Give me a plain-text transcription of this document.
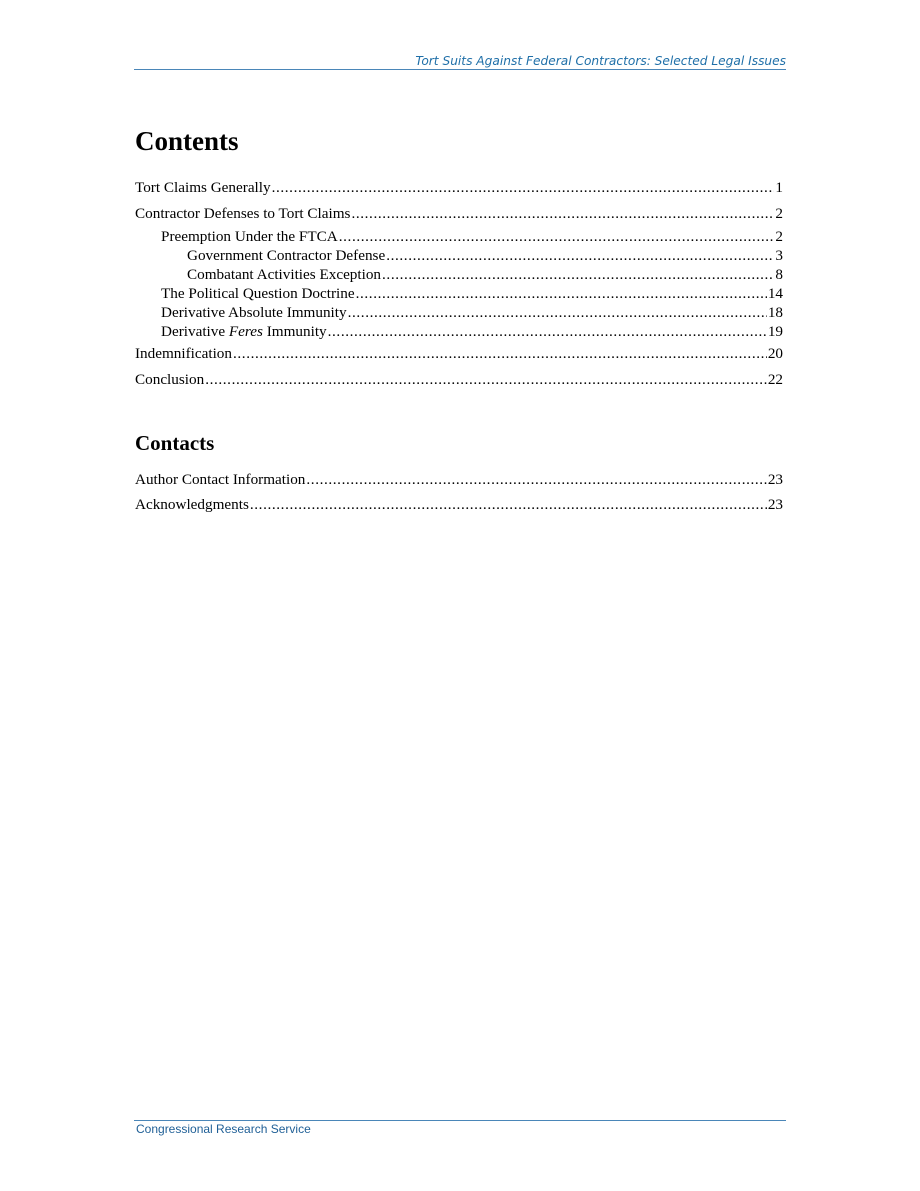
Tort Suits Against Federal Contractors: Selected Legal Issues
Contents
Tort Claims Generally .....	1
Contractor Defenses to Tort Claims .....	2
Preemption Under the FTCA .....	2
Government Contractor Defense .....	3
Combatant Activities Exception .....	8
The Political Question Doctrine .....	14
Derivative Absolute Immunity .....	18
Derivative Feres Immunity .....	19
Indemnification .....	20
Conclusion .....	22
Contacts
Author Contact Information .....	23
Acknowledgments .....	23
Congressional Research Service
